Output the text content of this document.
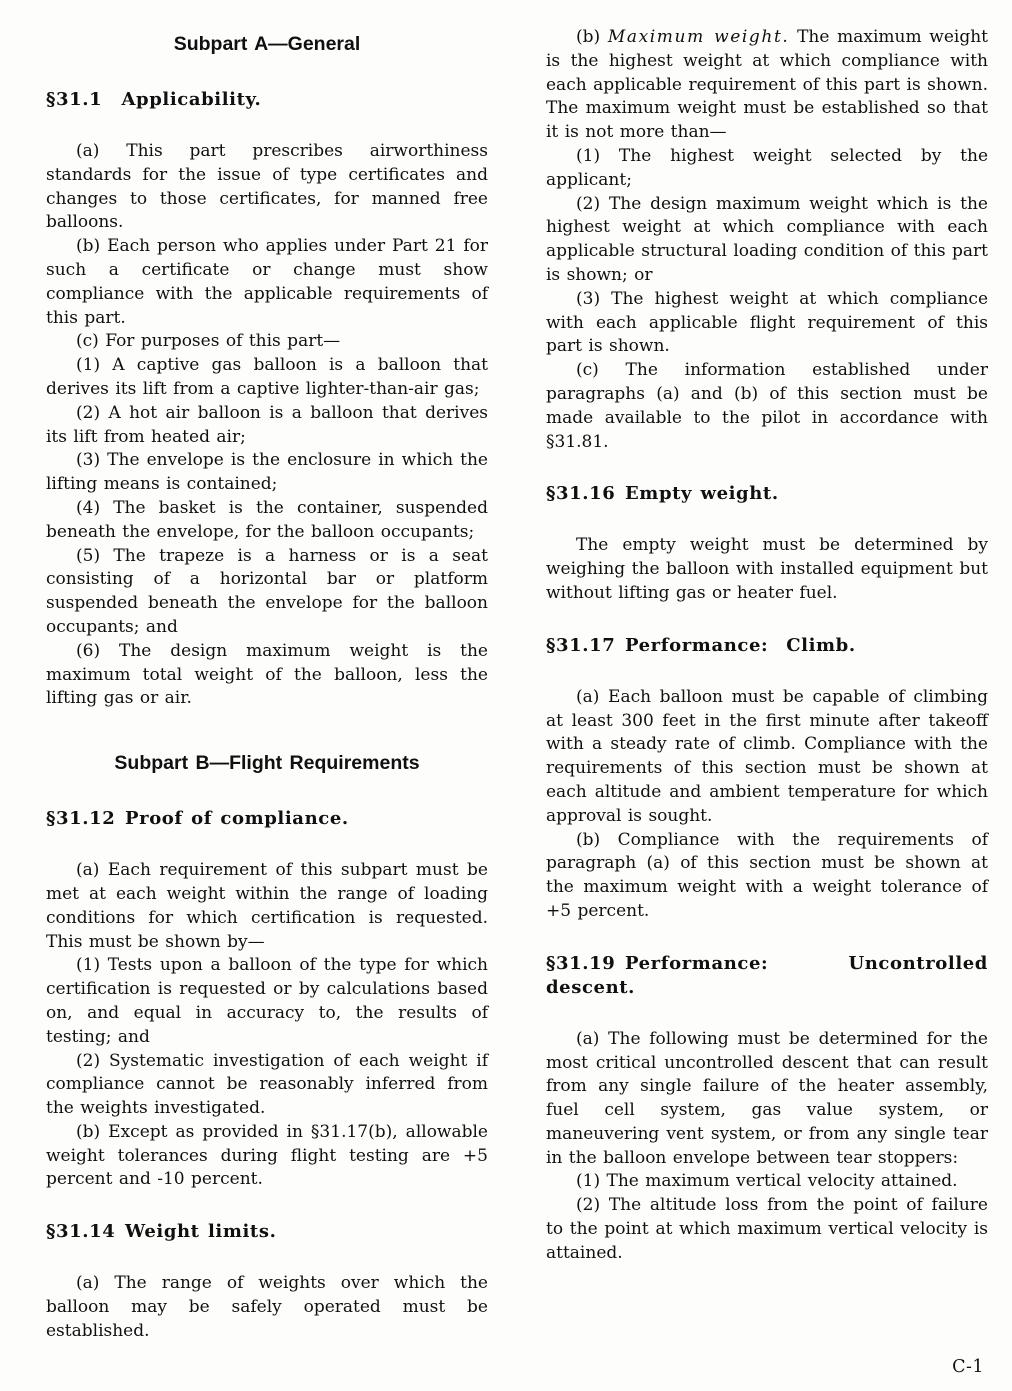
Subpart A—General
§31.1  Applicability.

(a) This part prescribes airworthiness standards for the issue of type certificates and changes to those certificates, for manned free balloons.

(b) Each person who applies under Part 21 for such a certificate or change must show compliance with the applicable requirements of this part.

(c) For purposes of this part—

(1) A captive gas balloon is a balloon that derives its lift from a captive lighter-than-air gas;

(2) A hot air balloon is a balloon that derives its lift from heated air;

(3) The envelope is the enclosure in which the lifting means is contained;

(4) The basket is the container, suspended beneath the envelope, for the balloon occupants;

(5) The trapeze is a harness or is a seat consisting of a horizontal bar or platform suspended beneath the envelope for the balloon occupants; and

(6) The design maximum weight is the maximum total weight of the balloon, less the lifting gas or air.

Subpart B—Flight Requirements
§31.12 Proof of compliance.

(a) Each requirement of this subpart must be met at each weight within the range of loading conditions for which certification is requested. This must be shown by—

(1) Tests upon a balloon of the type for which certification is requested or by calculations based on, and equal in accuracy to, the results of testing; and

(2) Systematic investigation of each weight if compliance cannot be reasonably inferred from the weights investigated.

(b) Except as provided in §31.17(b), allowable weight tolerances during flight testing are +5 percent and -10 percent.

§31.14 Weight limits.

(a) The range of weights over which the balloon may be safely operated must be established.

(b) Maximum weight. The maximum weight is the highest weight at which compliance with each applicable requirement of this part is shown. The maximum weight must be established so that it is not more than—

(1) The highest weight selected by the applicant;

(2) The design maximum weight which is the highest weight at which compliance with each applicable structural loading condition of this part is shown; or

(3) The highest weight at which compliance with each applicable flight requirement of this part is shown.

(c) The information established under paragraphs (a) and (b) of this section must be made available to the pilot in accordance with §31.81.

§31.16 Empty weight.

The empty weight must be determined by weighing the balloon with installed equipment but without lifting gas or heater fuel.

§31.17 Performance:  Climb.

(a) Each balloon must be capable of climbing at least 300 feet in the first minute after takeoff with a steady rate of climb. Compliance with the requirements of this section must be shown at each altitude and ambient temperature for which approval is sought.

(b) Compliance with the requirements of paragraph (a) of this section must be shown at the maximum weight with a weight tolerance of +5 percent.

§31.19 Performance:	Uncontrolled
descent.

(a) The following must be determined for the most critical uncontrolled descent that can result from any single failure of the heater assembly, fuel cell system, gas value system, or maneuvering vent system, or from any single tear in the balloon envelope between tear stoppers:

(1) The maximum vertical velocity attained.

(2) The altitude loss from the point of failure to the point at which maximum vertical velocity is attained.

C-1
